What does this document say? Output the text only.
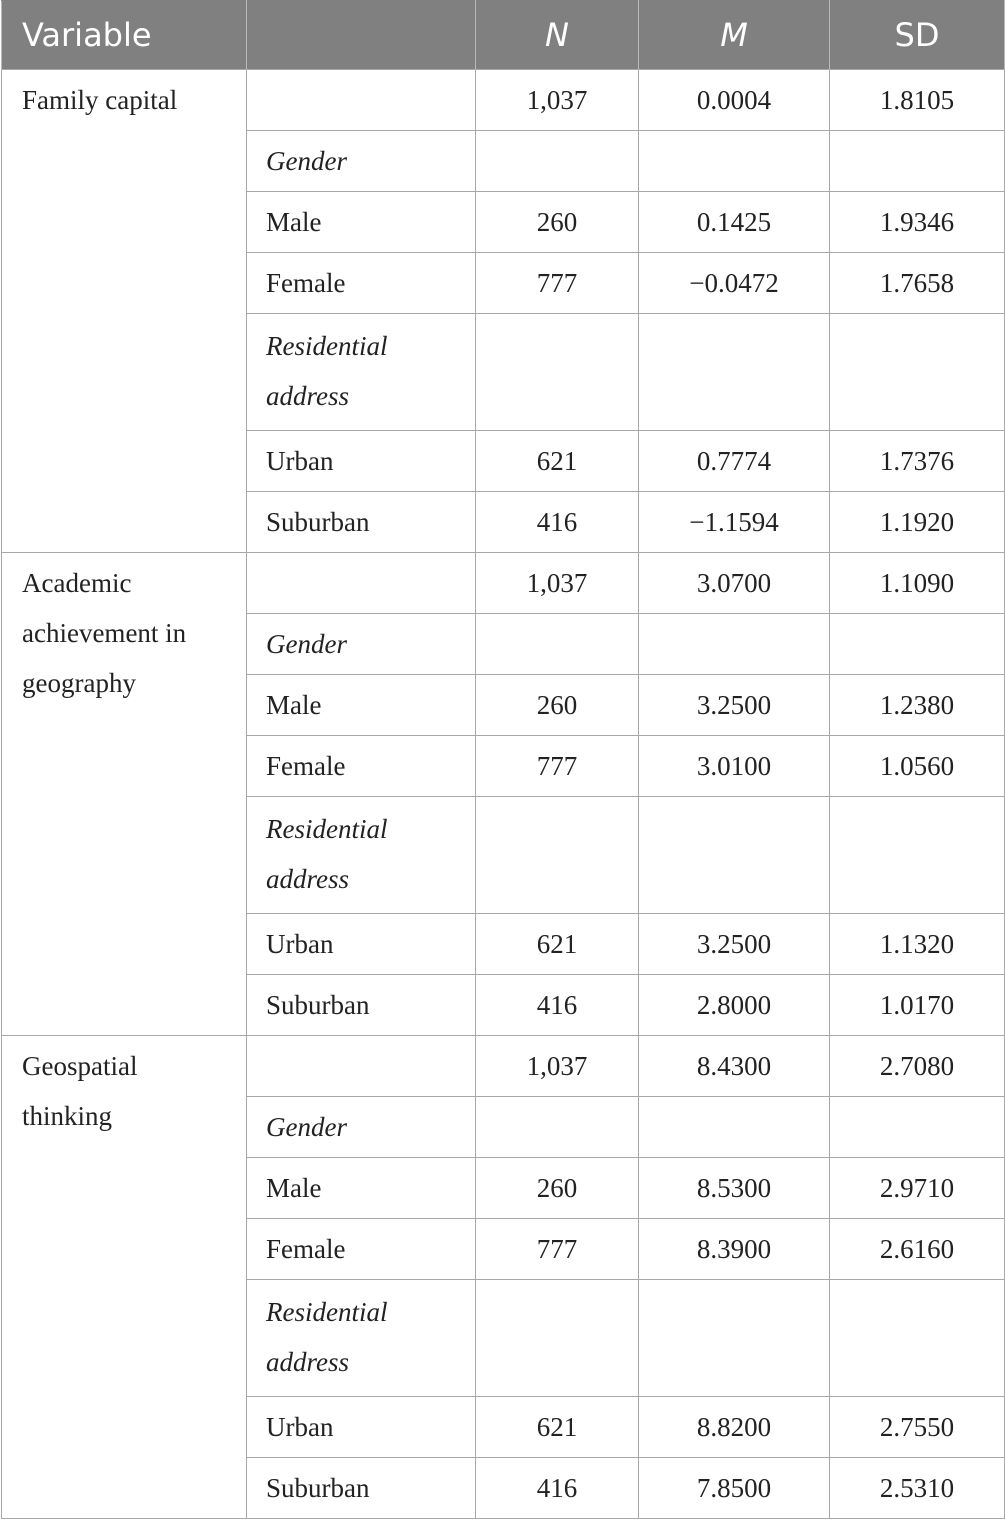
Variable		N	M	SD
Family capital		1,037	0.0004	1.8105
	Gender			
	Male	260	0.1425	1.9346
	Female	777	−0.0472	1.7658
	Residential address			
	Urban	621	0.7774	1.7376
	Suburban	416	−1.1594	1.1920
Academic achievement in geography		1,037	3.0700	1.1090
	Gender			
	Male	260	3.2500	1.2380
	Female	777	3.0100	1.0560
	Residential address			
	Urban	621	3.2500	1.1320
	Suburban	416	2.8000	1.0170
Geospatial thinking		1,037	8.4300	2.7080
	Gender			
	Male	260	8.5300	2.9710
	Female	777	8.3900	2.6160
	Residential address			
	Urban	621	8.8200	2.7550
	Suburban	416	7.8500	2.5310
